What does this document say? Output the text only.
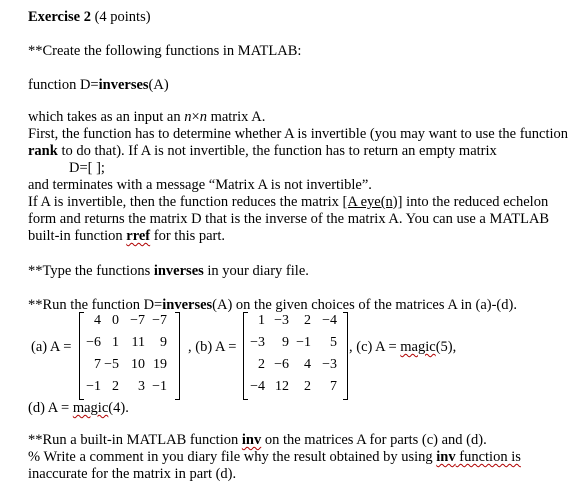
Exercise 2 (4 points)
**Create the following functions in MATLAB:
function D=inverses(A)
which takes as an input an n×n matrix A.
First, the function has to determine whether A is invertible (you may want to use the function
rank to do that). If A is not invertible, the function has to return an empty matrix
D=[ ];
and terminates with a message “Matrix A is not invertible”.
If A is invertible, then the function reduces the matrix [A eye(n)] into the reduced echelon
form and returns the matrix D that is the inverse of the matrix A. You can use a MATLAB
built-in function rref for this part.
**Type the functions inverses in your diary file.
**Run the function D=inverses(A) on the given choices of the matrices A in (a)-(d).
(a) A =
4 0 −7 −7
−6 1 11	9
7 −5 10 19
−1 2	3 −1
, (b) A =
1 −3	2 −4
−3	9 −1	5
2 −6	4 −3
−4 12	2	7
, (c) A = magic(5),
(d) A = magic(4).
**Run a built-in MATLAB function inv on the matrices A for parts (c) and (d).
% Write a comment in you diary file why the result obtained by using inv function is
inaccurate for the matrix in part (d).
